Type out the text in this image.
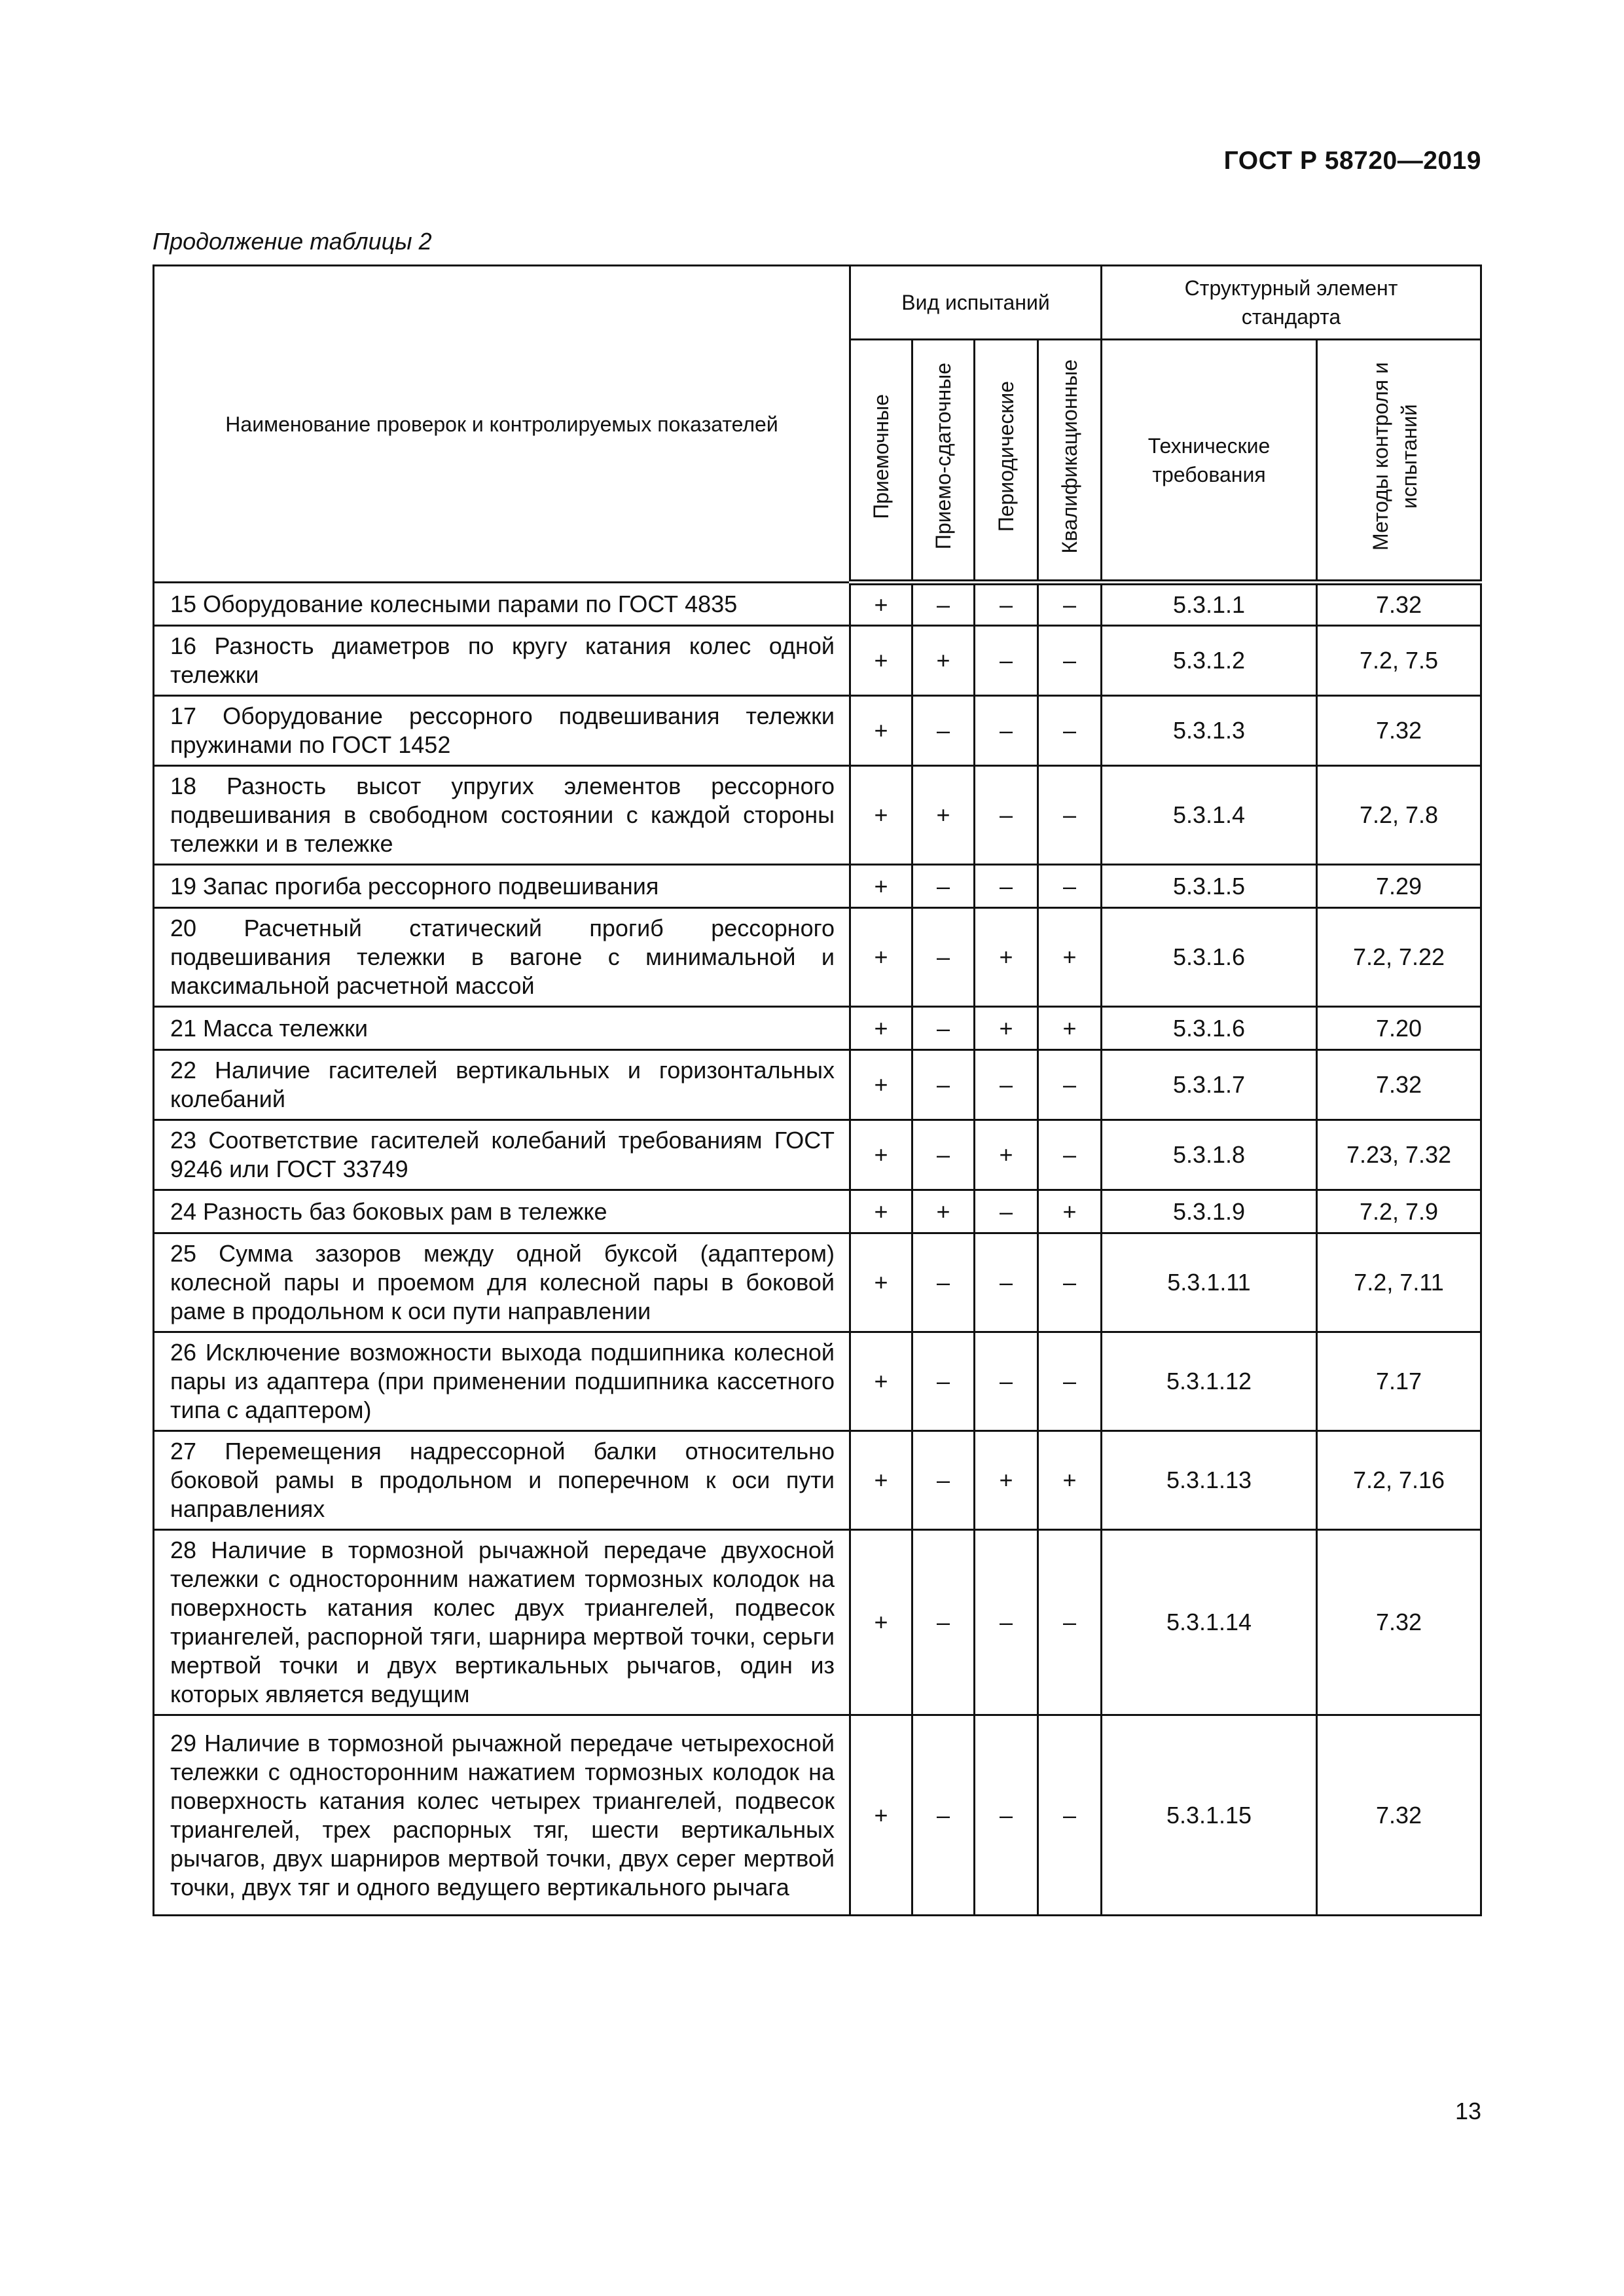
ГОСТ Р 58720—2019
Продолжение таблицы 2
Наименование проверок и контролируемых показателей	Вид испытаний				Структурный элемент стандарта	
	Приемочные	Приемо-сдаточные	Периодические	Квалификационные	Технические требования	Методы контроля и испытаний
15 Оборудование колесными парами по ГОСТ 4835	+	–	–	–	5.3.1.1	7.32
16 Разность диаметров по кругу катания колес одной тележки	+	+	–	–	5.3.1.2	7.2, 7.5
17 Оборудование рессорного подвешивания тележки пружинами по ГОСТ 1452	+	–	–	–	5.3.1.3	7.32
18 Разность высот упругих элементов рессорного подвешивания в свободном состоянии с каждой стороны тележки и в тележке	+	+	–	–	5.3.1.4	7.2, 7.8
19 Запас прогиба рессорного подвешивания	+	–	–	–	5.3.1.5	7.29
20 Расчетный статический прогиб рессорного подвешивания тележки в вагоне с минимальной и максимальной расчетной массой	+	–	+	+	5.3.1.6	7.2, 7.22
21 Масса тележки	+	–	+	+	5.3.1.6	7.20
22 Наличие гасителей вертикальных и горизонтальных колебаний	+	–	–	–	5.3.1.7	7.32
23 Соответствие гасителей колебаний требованиям ГОСТ 9246 или ГОСТ 33749	+	–	+	–	5.3.1.8	7.23, 7.32
24 Разность баз боковых рам в тележке	+	+	–	+	5.3.1.9	7.2, 7.9
25 Сумма зазоров между одной буксой (адаптером) колесной пары и проемом для колесной пары в боковой раме в продольном к оси пути направлении	+	–	–	–	5.3.1.11	7.2, 7.11
26 Исключение возможности выхода подшипника колесной пары из адаптера (при применении подшипника кассетного типа с адаптером)	+	–	–	–	5.3.1.12	7.17
27 Перемещения надрессорной балки относительно боковой рамы в продольном и поперечном к оси пути направлениях	+	–	+	+	5.3.1.13	7.2, 7.16
28 Наличие в тормозной рычажной передаче двухосной тележки с односторонним нажатием тормозных колодок на поверхность катания колес двух триангелей, подвесок триангелей, распорной тяги, шарнира мертвой точки, серьги мертвой точки и двух вертикальных рычагов, один из которых является ведущим	+	–	–	–	5.3.1.14	7.32
29 Наличие в тормозной рычажной передаче четырехосной тележки с односторонним нажатием тормозных колодок на поверхность катания колес четырех триангелей, подвесок триангелей, трех распорных тяг, шести вертикальных рычагов, двух шарниров мертвой точки, двух серег мертвой точки, двух тяг и одного ведущего вертикального рычага	+	–	–	–	5.3.1.15	7.32
13
